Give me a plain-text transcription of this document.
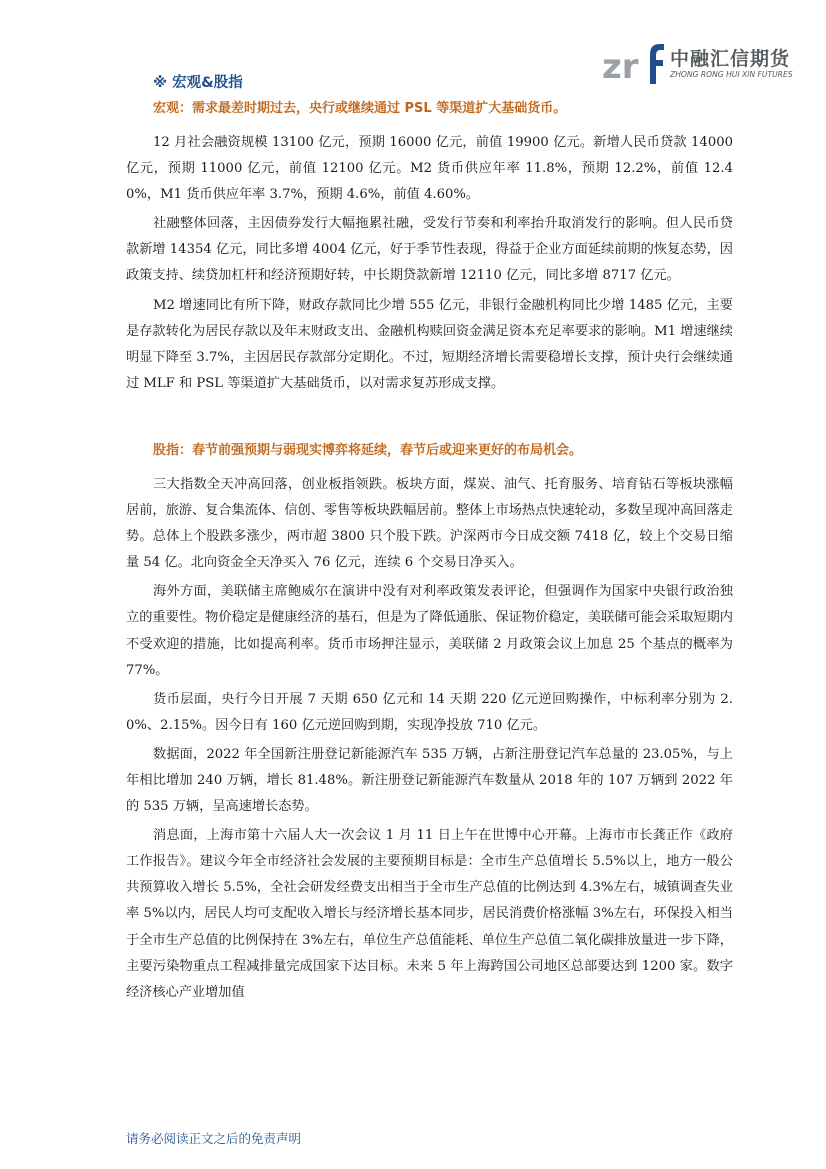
zr 中融汇信期货
ZHONG RONG HUI XIN FUTURES
※ 宏观&股指
宏观：需求最差时期过去，央行或继续通过 PSL 等渠道扩大基础货币。

12 月社会融资规模 13100 亿元，预期 16000 亿元，前值 19900 亿元。新增人民币贷款 14000 亿元，预期 11000 亿元，前值 12100 亿元。M2 货币供应年率 11.8%，预期 12.2%，前值 12.40%，M1 货币供应年率 3.7%，预期 4.6%，前值 4.60%。

社融整体回落，主因债券发行大幅拖累社融，受发行节奏和利率抬升取消发行的影响。但人民币贷款新增 14354 亿元，同比多增 4004 亿元，好于季节性表现，得益于企业方面延续前期的恢复态势，因政策支持、续贷加杠杆和经济预期好转，中长期贷款新增 12110 亿元，同比多增 8717 亿元。

M2 增速同比有所下降，财政存款同比少增 555 亿元，非银行金融机构同比少增 1485 亿元，主要是存款转化为居民存款以及年末财政支出、金融机构赎回资金满足资本充足率要求的影响。M1 增速继续明显下降至 3.7%，主因居民存款部分定期化。不过，短期经济增长需要稳增长支撑，预计央行会继续通过 MLF 和 PSL 等渠道扩大基础货币，以对需求复苏形成支撑。

股指：春节前强预期与弱现实博弈将延续，春节后或迎来更好的布局机会。

三大指数全天冲高回落，创业板指领跌。板块方面，煤炭、油气、托育服务、培育钻石等板块涨幅居前，旅游、复合集流体、信创、零售等板块跌幅居前。整体上市场热点快速轮动，多数呈现冲高回落走势。总体上个股跌多涨少，两市超 3800 只个股下跌。沪深两市今日成交额 7418 亿，较上个交易日缩量 54 亿。北向资金全天净买入 76 亿元，连续 6 个交易日净买入。

海外方面，美联储主席鲍威尔在演讲中没有对利率政策发表评论，但强调作为国家中央银行政治独立的重要性。物价稳定是健康经济的基石，但是为了降低通胀、保证物价稳定，美联储可能会采取短期内不受欢迎的措施，比如提高利率。货币市场押注显示，美联储 2 月政策会议上加息 25 个基点的概率为 77%。

货币层面，央行今日开展 7 天期 650 亿元和 14 天期 220 亿元逆回购操作，中标利率分别为 2.0%、2.15%。因今日有 160 亿元逆回购到期，实现净投放 710 亿元。

数据面，2022 年全国新注册登记新能源汽车 535 万辆，占新注册登记汽车总量的 23.05%，与上年相比增加 240 万辆，增长 81.48%。新注册登记新能源汽车数量从 2018 年的 107 万辆到 2022 年的 535 万辆，呈高速增长态势。

消息面，上海市第十六届人大一次会议 1 月 11 日上午在世博中心开幕。上海市市长龚正作《政府工作报告》。建议今年全市经济社会发展的主要预期目标是：全市生产总值增长 5.5%以上，地方一般公共预算收入增长 5.5%，全社会研发经费支出相当于全市生产总值的比例达到 4.3%左右，城镇调查失业率 5%以内，居民人均可支配收入增长与经济增长基本同步，居民消费价格涨幅 3%左右，环保投入相当于全市生产总值的比例保持在 3%左右，单位生产总值能耗、单位生产总值二氧化碳排放量进一步下降，主要污染物重点工程减排量完成国家下达目标。未来 5 年上海跨国公司地区总部要达到 1200 家。数字经济核心产业增加值

请务必阅读正文之后的免责声明
